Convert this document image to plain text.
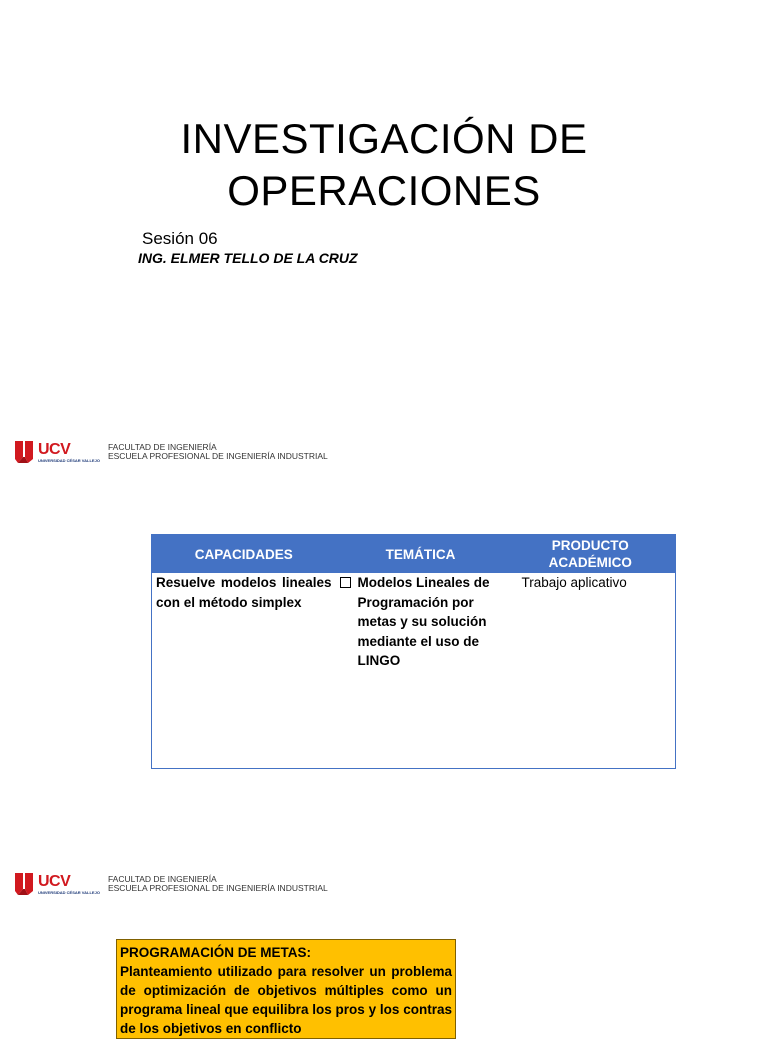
INVESTIGACIÓN DE
OPERACIONES
Sesión 06
ING. ELMER TELLO DE LA CRUZ
UCV
UNIVERSIDAD CÉSAR VALLEJO
FACULTAD DE INGENIERÍA
ESCUELA PROFESIONAL DE INGENIERÍA INDUSTRIAL
CAPACIDADES	TEMÁTICA	PRODUCTO ACADÉMICO
Resuelve modelos lineales con el método simplex	Modelos Lineales de Programación por metas y su solución mediante el uso de LINGO	Trabajo aplicativo
UCV
UNIVERSIDAD CÉSAR VALLEJO
FACULTAD DE INGENIERÍA
ESCUELA PROFESIONAL DE INGENIERÍA INDUSTRIAL
PROGRAMACIÓN DE METAS:
Planteamiento utilizado para resolver un problema de optimización de objetivos múltiples como un programa lineal que equilibra los pros y los contras de los objetivos en conflicto
